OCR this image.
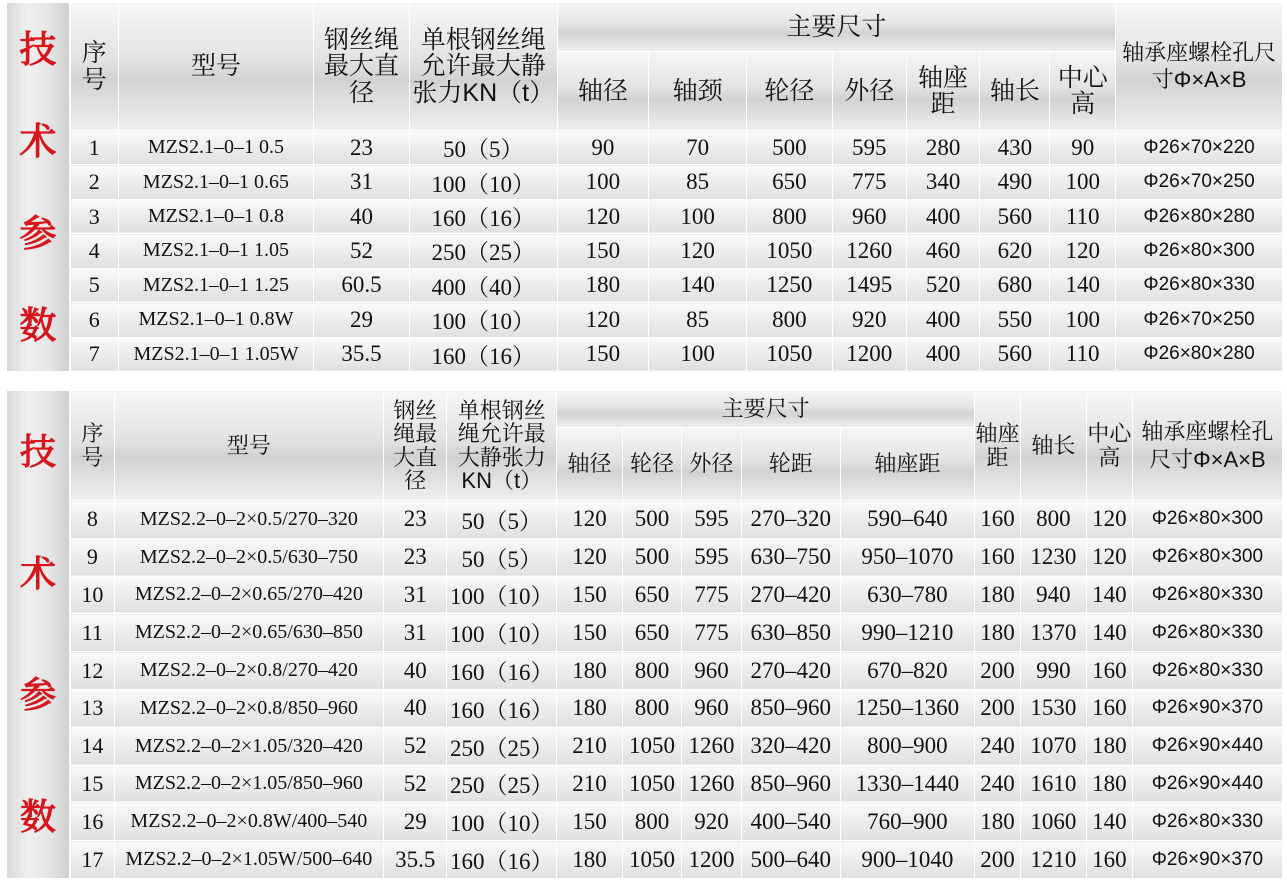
技
术
参
数
序号	型号	钢丝绳最大直径	单根钢丝绳允许最大静张力KN（t）	主要尺寸							轴承座螺栓孔尺寸Φ×A×B
				轴径	轴颈	轮径	外径	轴座距	轴长	中心高	
1	MZS2.1–0–1 0.5	23	50（5）	90	70	500	595	280	430	90	Φ26×70×220
2	MZS2.1–0–1 0.65	31	100（10）	100	85	650	775	340	490	100	Φ26×70×250
3	MZS2.1–0–1 0.8	40	160（16）	120	100	800	960	400	560	110	Φ26×80×280
4	MZS2.1–0–1 1.05	52	250（25）	150	120	1050	1260	460	620	120	Φ26×80×300
5	MZS2.1–0–1 1.25	60.5	400（40）	180	140	1250	1495	520	680	140	Φ26×80×330
6	MZS2.1–0–1 0.8W	29	100（10）	120	85	800	920	400	550	100	Φ26×70×250
7	MZS2.1–0–1 1.05W	35.5	160（16）	150	100	1050	1200	400	560	110	Φ26×80×280
技
术
参
数
序号	型号	钢丝绳最大直径	单根钢丝绳允许最大静张力KN（t）	主要尺寸					轴座距	轴长	中心高	轴承座螺栓孔尺寸Φ×A×B
				轴径	轮径	外径	轮距	轴座距				
8	MZS2.2–0–2×0.5/270–320	23	50（5）	120	500	595	270–320	590–640	160	800	120	Φ26×80×300
9	MZS2.2–0–2×0.5/630–750	23	50（5）	120	500	595	630–750	950–1070	160	1230	120	Φ26×80×300
10	MZS2.2–0–2×0.65/270–420	31	100（10）	150	650	775	270–420	630–780	180	940	140	Φ26×80×330
11	MZS2.2–0–2×0.65/630–850	31	100（10）	150	650	775	630–850	990–1210	180	1370	140	Φ26×80×330
12	MZS2.2–0–2×0.8/270–420	40	160（16）	180	800	960	270–420	670–820	200	990	160	Φ26×80×330
13	MZS2.2–0–2×0.8/850–960	40	160（16）	180	800	960	850–960	1250–1360	200	1530	160	Φ26×90×370
14	MZS2.2–0–2×1.05/320–420	52	250（25）	210	1050	1260	320–420	800–900	240	1070	180	Φ26×90×440
15	MZS2.2–0–2×1.05/850–960	52	250（25）	210	1050	1260	850–960	1330–1440	240	1610	180	Φ26×90×440
16	MZS2.2–0–2×0.8W/400–540	29	100（10）	150	800	920	400–540	760–900	180	1060	140	Φ26×80×330
17	MZS2.2–0–2×1.05W/500–640	35.5	160（16）	180	1050	1200	500–640	900–1040	200	1210	160	Φ26×90×370
